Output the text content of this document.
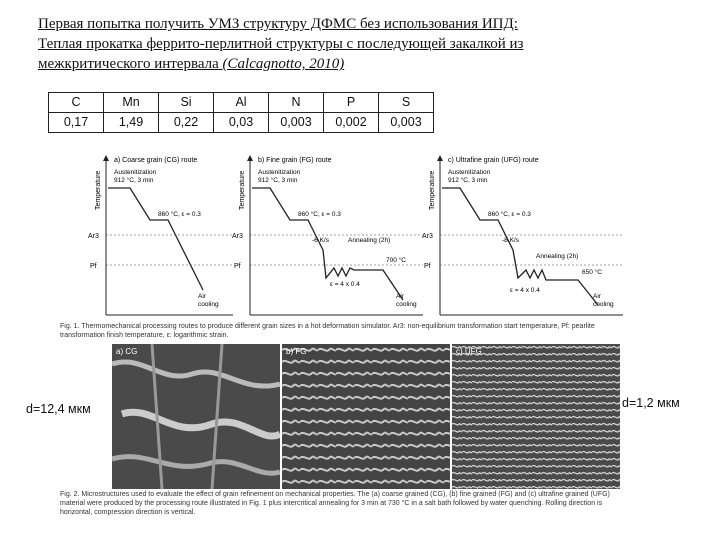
Первая попытка получить УМЗ структуру ДФМС без использования ИПД:
Теплая прокатка феррито-перлитной структуры с последующей закалкой из
межкритического интервала (Calcagnotto, 2010)
C	Mn	Si	Al	N	P	S
0,17	1,49	0,22	0,03	0,003	0,002	0,003
Temperature
a) Coarse grain (CG) route
Austenitization
912 °C, 3 min
860 °C, ε = 0.3
Ar3
Pf
Air
cooling
Temperature
b) Fine grain (FG) route
Austenitization
912 °C, 3 min
860 °C, ε = 0.3
-6 K/s	Annealing (2h)
700 °C
ε = 4 x 0.4
Ar3
Pf
Air
cooling
Temperature
c) Ultrafine grain (UFG) route
Austenitization
912 °C, 3 min
860 °C, ε = 0.3
-8 K/s
Annealing (2h)
650 °C
ε = 4 x 0.4
Ar3
Pf
Air
cooling
Fig. 1. Thermomechanical processing routes to produce different grain sizes in a hot deformation simulator. Ar3: non-equilibrium transformation start temperature, Pf: pearlite transformation finish temperature, ε: logarithmic strain.
a) CG	b) FG	c) UFG
d=12,4 мкм	d=1,2 мкм
Fig. 2. Microstructures used to evaluate the effect of grain refinement on mechanical properties. The (a) coarse grained (CG), (b) fine grained (FG) and (c) ultrafine grained (UFG) material were produced by the processing route illustrated in Fig. 1 plus intercritical annealing for 3 min at 730 °C in a salt bath followed by water quenching. Rolling direction is horizontal, compression direction is vertical.
